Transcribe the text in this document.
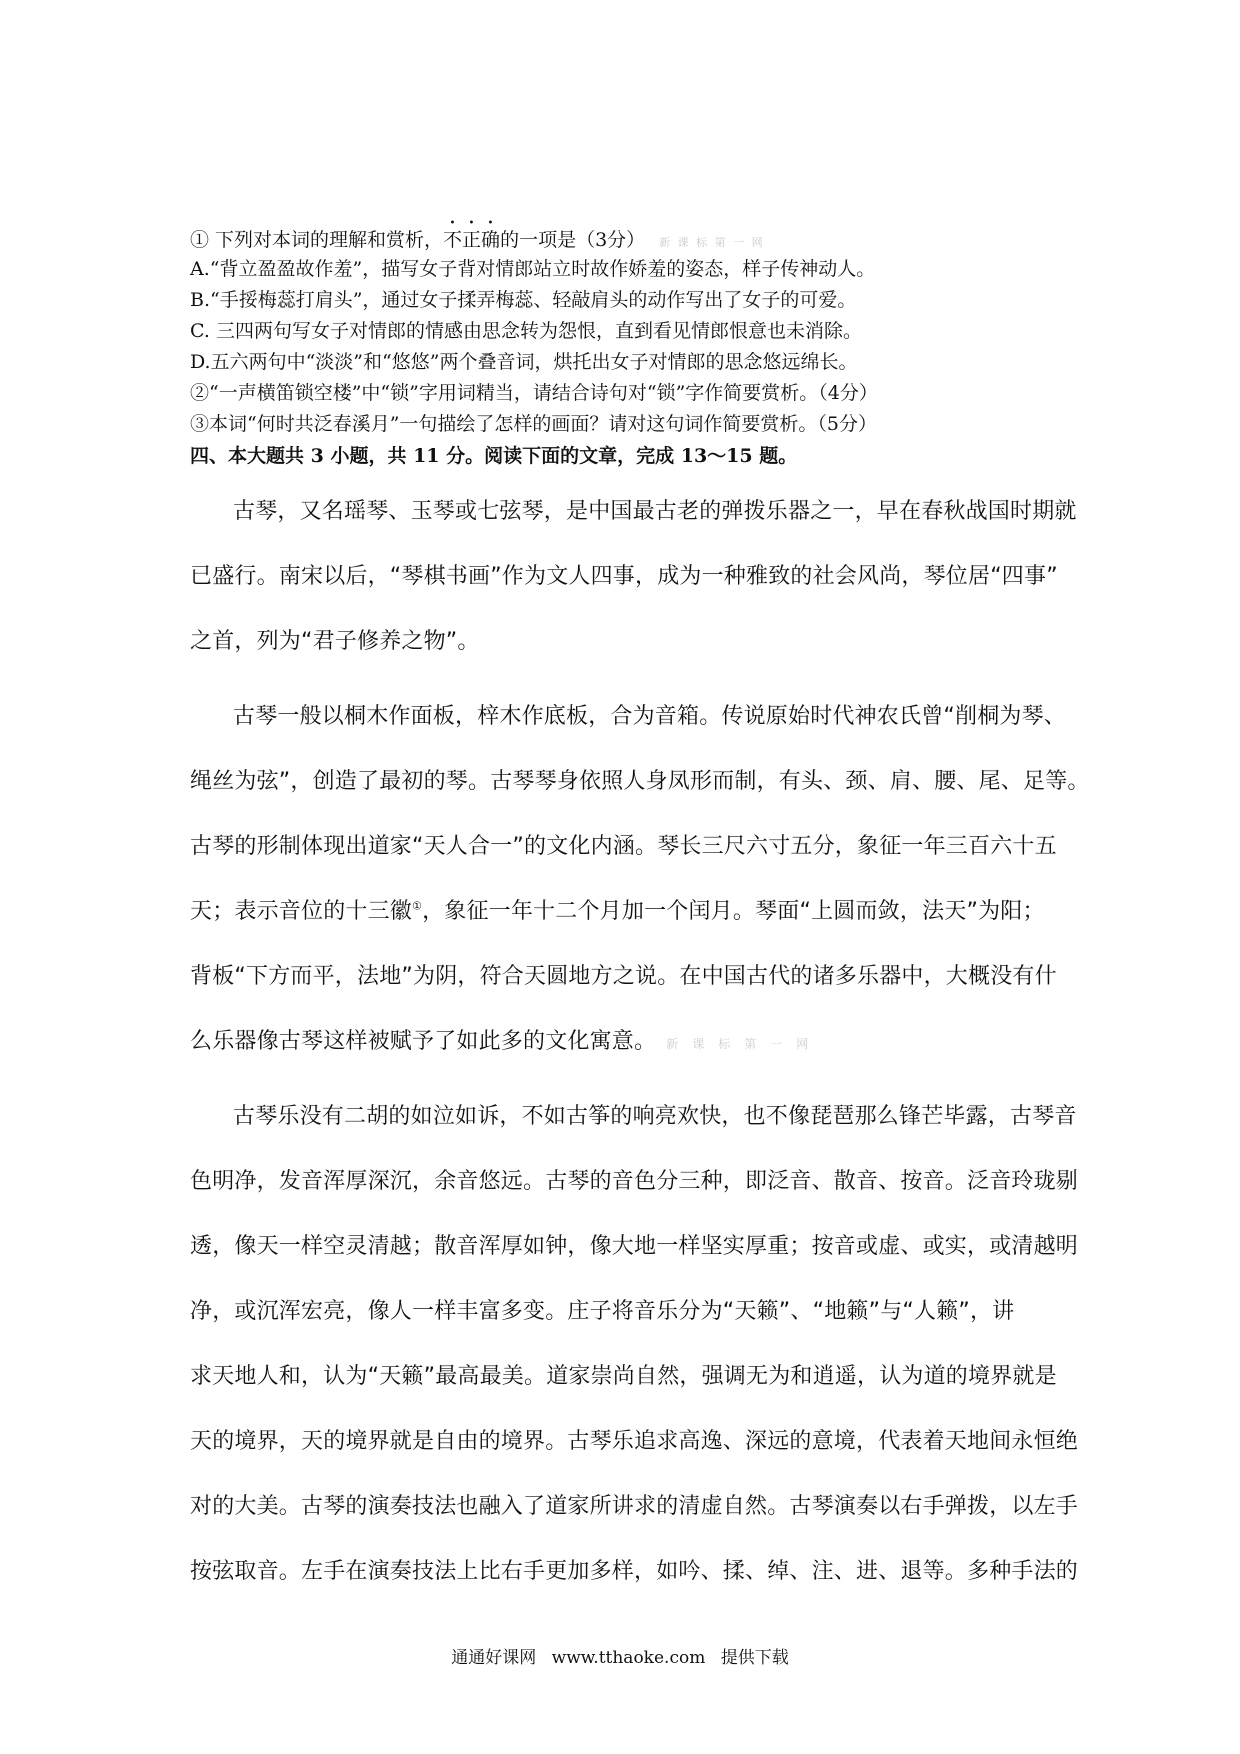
① 下列对本词的理解和赏析，不正确的一项是（3分） 新 课 标 第 一 网
A.“背立盈盈故作羞”，描写女子背对情郎站立时故作娇羞的姿态，样子传神动人。
B.“手挼梅蕊打肩头”，通过女子揉弄梅蕊、轻敲肩头的动作写出了女子的可爱。
C. 三四两句写女子对情郎的情感由思念转为怨恨，直到看见情郎恨意也未消除。
D.五六两句中“淡淡”和“悠悠”两个叠音词，烘托出女子对情郎的思念悠远绵长。
②“一声横笛锁空楼”中“锁”字用词精当，请结合诗句对“锁”字作简要赏析。（4分）
③本词“何时共泛春溪月”一句描绘了怎样的画面？请对这句词作简要赏析。（5分）
四、本大题共 3 小题，共 11 分。阅读下面的文章，完成 13～15 题。
古琴，又名瑶琴、玉琴或七弦琴，是中国最古老的弹拨乐器之一，早在春秋战国时期就
已盛行。南宋以后，“琴棋书画”作为文人四事，成为一种雅致的社会风尚，琴位居“四事”
之首，列为“君子修养之物”。
古琴一般以桐木作面板，梓木作底板，合为音箱。传说原始时代神农氏曾“削桐为琴、
绳丝为弦”，创造了最初的琴。古琴琴身依照人身凤形而制，有头、颈、肩、腰、尾、足等。
古琴的形制体现出道家“天人合一”的文化内涵。琴长三尺六寸五分，象征一年三百六十五
天；表示音位的十三徽①，象征一年十二个月加一个闰月。琴面“上圆而敛，法天”为阳；
背板“下方而平，法地”为阴，符合天圆地方之说。在中国古代的诸多乐器中，大概没有什
么乐器像古琴这样被赋予了如此多的文化寓意。 新课标第一网
古琴乐没有二胡的如泣如诉，不如古筝的响亮欢快，也不像琵琶那么锋芒毕露，古琴音
色明净，发音浑厚深沉，余音悠远。古琴的音色分三种，即泛音、散音、按音。泛音玲珑剔
透，像天一样空灵清越；散音浑厚如钟，像大地一样坚实厚重；按音或虚、或实，或清越明
净，或沉浑宏亮，像人一样丰富多变。庄子将音乐分为“天籁”、“地籁”与“人籁”，讲
求天地人和，认为“天籁”最高最美。道家崇尚自然，强调无为和逍遥，认为道的境界就是
天的境界，天的境界就是自由的境界。古琴乐追求高逸、深远的意境，代表着天地间永恒绝
对的大美。古琴的演奏技法也融入了道家所讲求的清虚自然。古琴演奏以右手弹拨，以左手
按弦取音。左手在演奏技法上比右手更加多样，如吟、揉、绰、注、进、退等。多种手法的
通通好课网 www.tthaoke.com 提供下载
